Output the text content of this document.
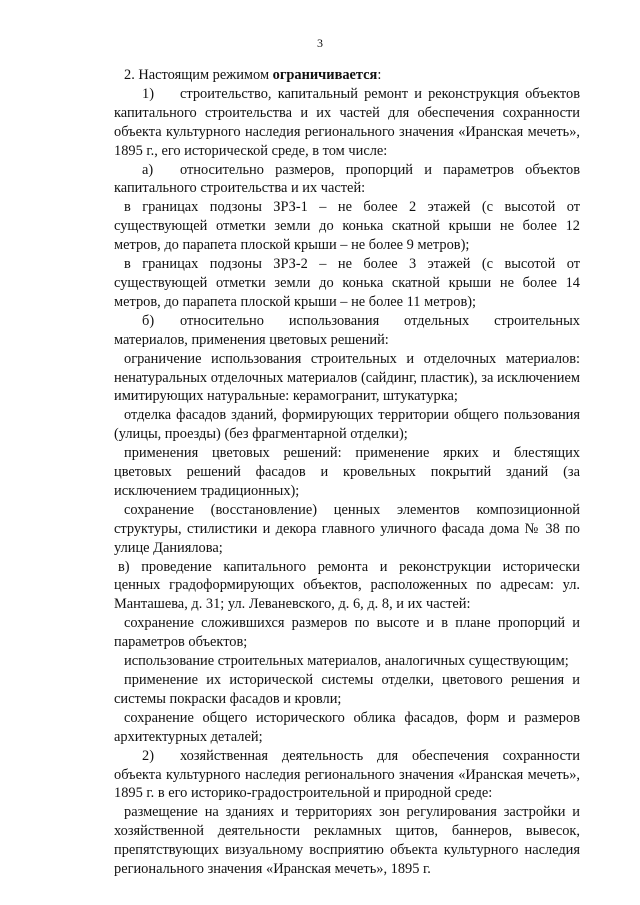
3

2. Настоящим режимом ограничивается:

1) строительство, капитальный ремонт и реконструкция объектов капитального строительства и их частей для обеспечения сохранности объекта культурного наследия регионального значения «Иранская мечеть», 1895 г., его исторической среде, в том числе:

а) относительно размеров, пропорций и параметров объектов капитального строительства и их частей:

в границах подзоны ЗРЗ-1 – не более 2 этажей (с высотой от существующей отметки земли до конька скатной крыши не более 12 метров, до парапета плоской крыши – не более 9 метров);

в границах подзоны ЗРЗ-2 – не более 3 этажей (с высотой от существующей отметки земли до конька скатной крыши не более 14 метров, до парапета плоской крыши – не более 11 метров);

б) относительно использования отдельных строительных материалов, применения цветовых решений:

ограничение использования строительных и отделочных материалов: ненатуральных отделочных материалов (сайдинг, пластик), за исключением имитирующих натуральные: керамогранит, штукатурка;

отделка фасадов зданий, формирующих территории общего пользования (улицы, проезды) (без фрагментарной отделки);

применения цветовых решений: применение ярких и блестящих цветовых решений фасадов и кровельных покрытий зданий (за исключением традиционных);

сохранение (восстановление) ценных элементов композиционной структуры, стилистики и декора главного уличного фасада дома № 38 по улице Даниялова;

в) проведение капитального ремонта и реконструкции исторически ценных градоформирующих объектов, расположенных по адресам: ул. Манташева, д. 31; ул. Леваневского, д. 6, д. 8, и их частей:

сохранение сложившихся размеров по высоте и в плане пропорций и параметров объектов;

использование строительных материалов, аналогичных существующим;

применение их исторической системы отделки, цветового решения и системы покраски фасадов и кровли;

сохранение общего исторического облика фасадов, форм и размеров архитектурных деталей;

2) хозяйственная деятельность для обеспечения сохранности объекта культурного наследия регионального значения «Иранская мечеть», 1895 г. в его историко-градостроительной и природной среде:

размещение на зданиях и территориях зон регулирования застройки и хозяйственной деятельности рекламных щитов, баннеров, вывесок, препятствующих визуальному восприятию объекта культурного наследия регионального значения «Иранская мечеть», 1895 г.
